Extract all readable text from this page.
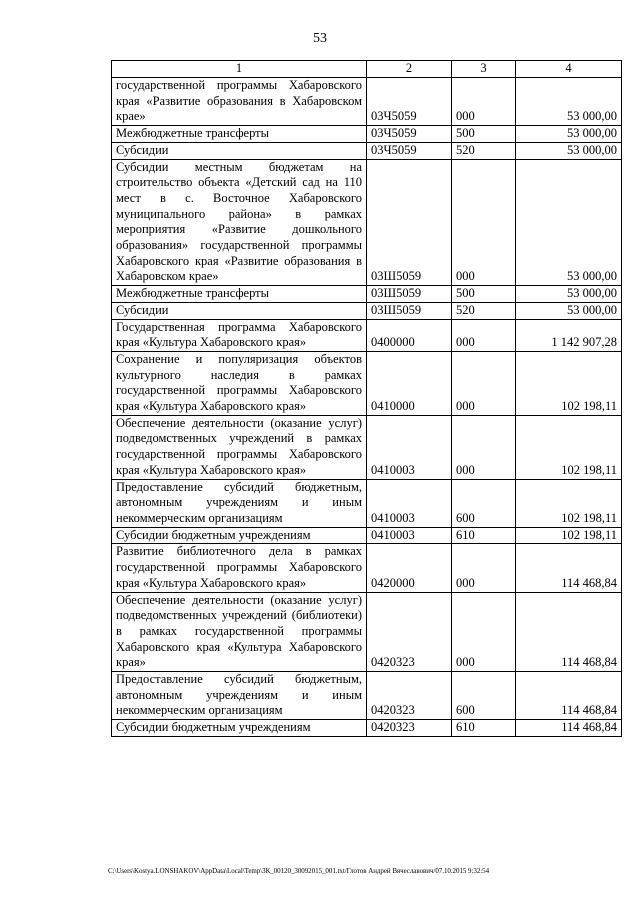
53
1	2	3	4
государственной программы Хабаровского края «Развитие образования в Хабаровском крае»	03Ч5059	000	53 000,00
Межбюджетные трансферты	03Ч5059	500	53 000,00
Субсидии	03Ч5059	520	53 000,00
Субсидии местным бюджетам на строительство объекта «Детский сад на 110 мест в с. Восточное Хабаровского муниципального района» в рамках мероприятия «Развитие дошкольного образования» государственной программы Хабаровского края «Развитие образования в Хабаровском крае»	03Ш5059	000	53 000,00
Межбюджетные трансферты	03Ш5059	500	53 000,00
Субсидии	03Ш5059	520	53 000,00
Государственная программа Хабаровского края «Культура Хабаровского края»	0400000	000	1 142 907,28
Сохранение и популяризация объектов культурного наследия в рамках государственной программы Хабаровского края «Культура Хабаровского края»	0410000	000	102 198,11
Обеспечение деятельности (оказание услуг) подведомственных учреждений в рамках государственной программы Хабаровского края «Культура Хабаровского края»	0410003	000	102 198,11
Предоставление субсидий бюджетным, автономным учреждениям и иным некоммерческим организациям	0410003	600	102 198,11
Субсидии бюджетным учреждениям	0410003	610	102 198,11
Развитие библиотечного дела в рамках государственной программы Хабаровского края «Культура Хабаровского края»	0420000	000	114 468,84
Обеспечение деятельности (оказание услуг) подведомственных учреждений (библиотеки) в рамках государственной программы Хабаровского края «Культура Хабаровского края»	0420323	000	114 468,84
Предоставление субсидий бюджетным, автономным учреждениям и иным некоммерческим организациям	0420323	600	114 468,84
Субсидии бюджетным учреждениям	0420323	610	114 468,84
C:\Users\Kostya.LONSHAKOV\AppData\Local\Temp\3К_00120_30092015_001.txt/Глотов Андрей Вячеславович/07.10.2015 9:32:54
